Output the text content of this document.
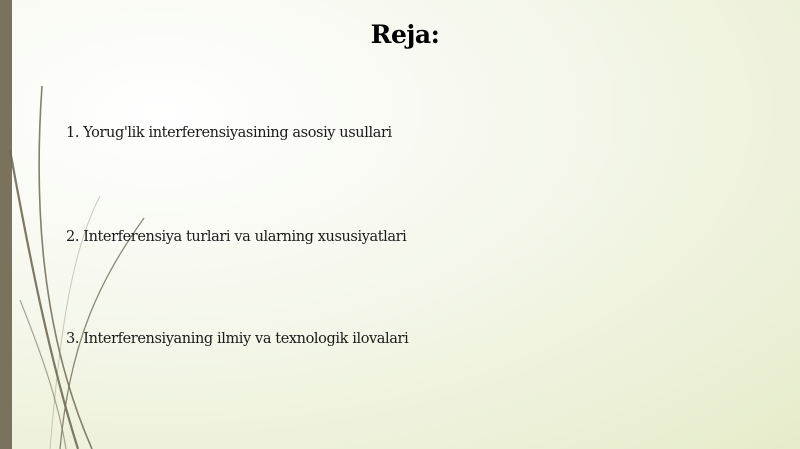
Reja:
1. Yorug'lik interferensiyasining asosiy usullari
2. Interferensiya turlari va ularning xususiyatlari
3. Interferensiyaning ilmiy va texnologik ilovalari
